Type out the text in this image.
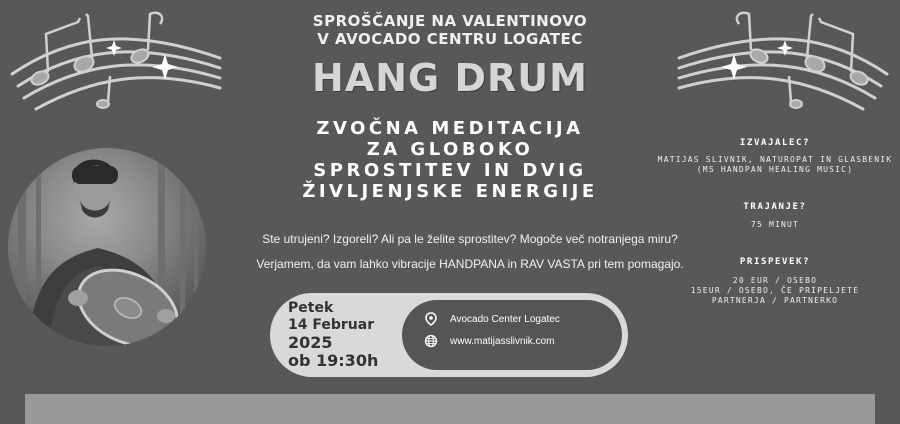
SPROŠČANJE NA VALENTINOVO
V AVOCADO CENTRU LOGATEC
HANG DRUM
ZVOČNA MEDITACIJA
ZA GLOBOKO
SPROSTITEV IN DVIG
ŽIVLJENJSKE ENERGIJE
Ste utrujeni? Izgoreli? Ali pa le želite sprostitev? Mogoče več notranjega miru?
Verjamem, da vam lahko vibracije HANDPANA in RAV VASTA pri tem pomagajo.
Petek
14 Februar
2025
ob 19:30h
Avocado Center Logatec
www.matijasslivnik.com
IZVAJALEC?
MATIJAS SLIVNIK, NATUROPAT IN GLASBENIK
(MS HANDPAN HEALING MUSIC)
TRAJANJE?
75 MINUT
PRISPEVEK?
20 EUR / OSEBO
15EUR / OSEBO, ČE PRIPELJETE
PARTNERJA / PARTNERKO
